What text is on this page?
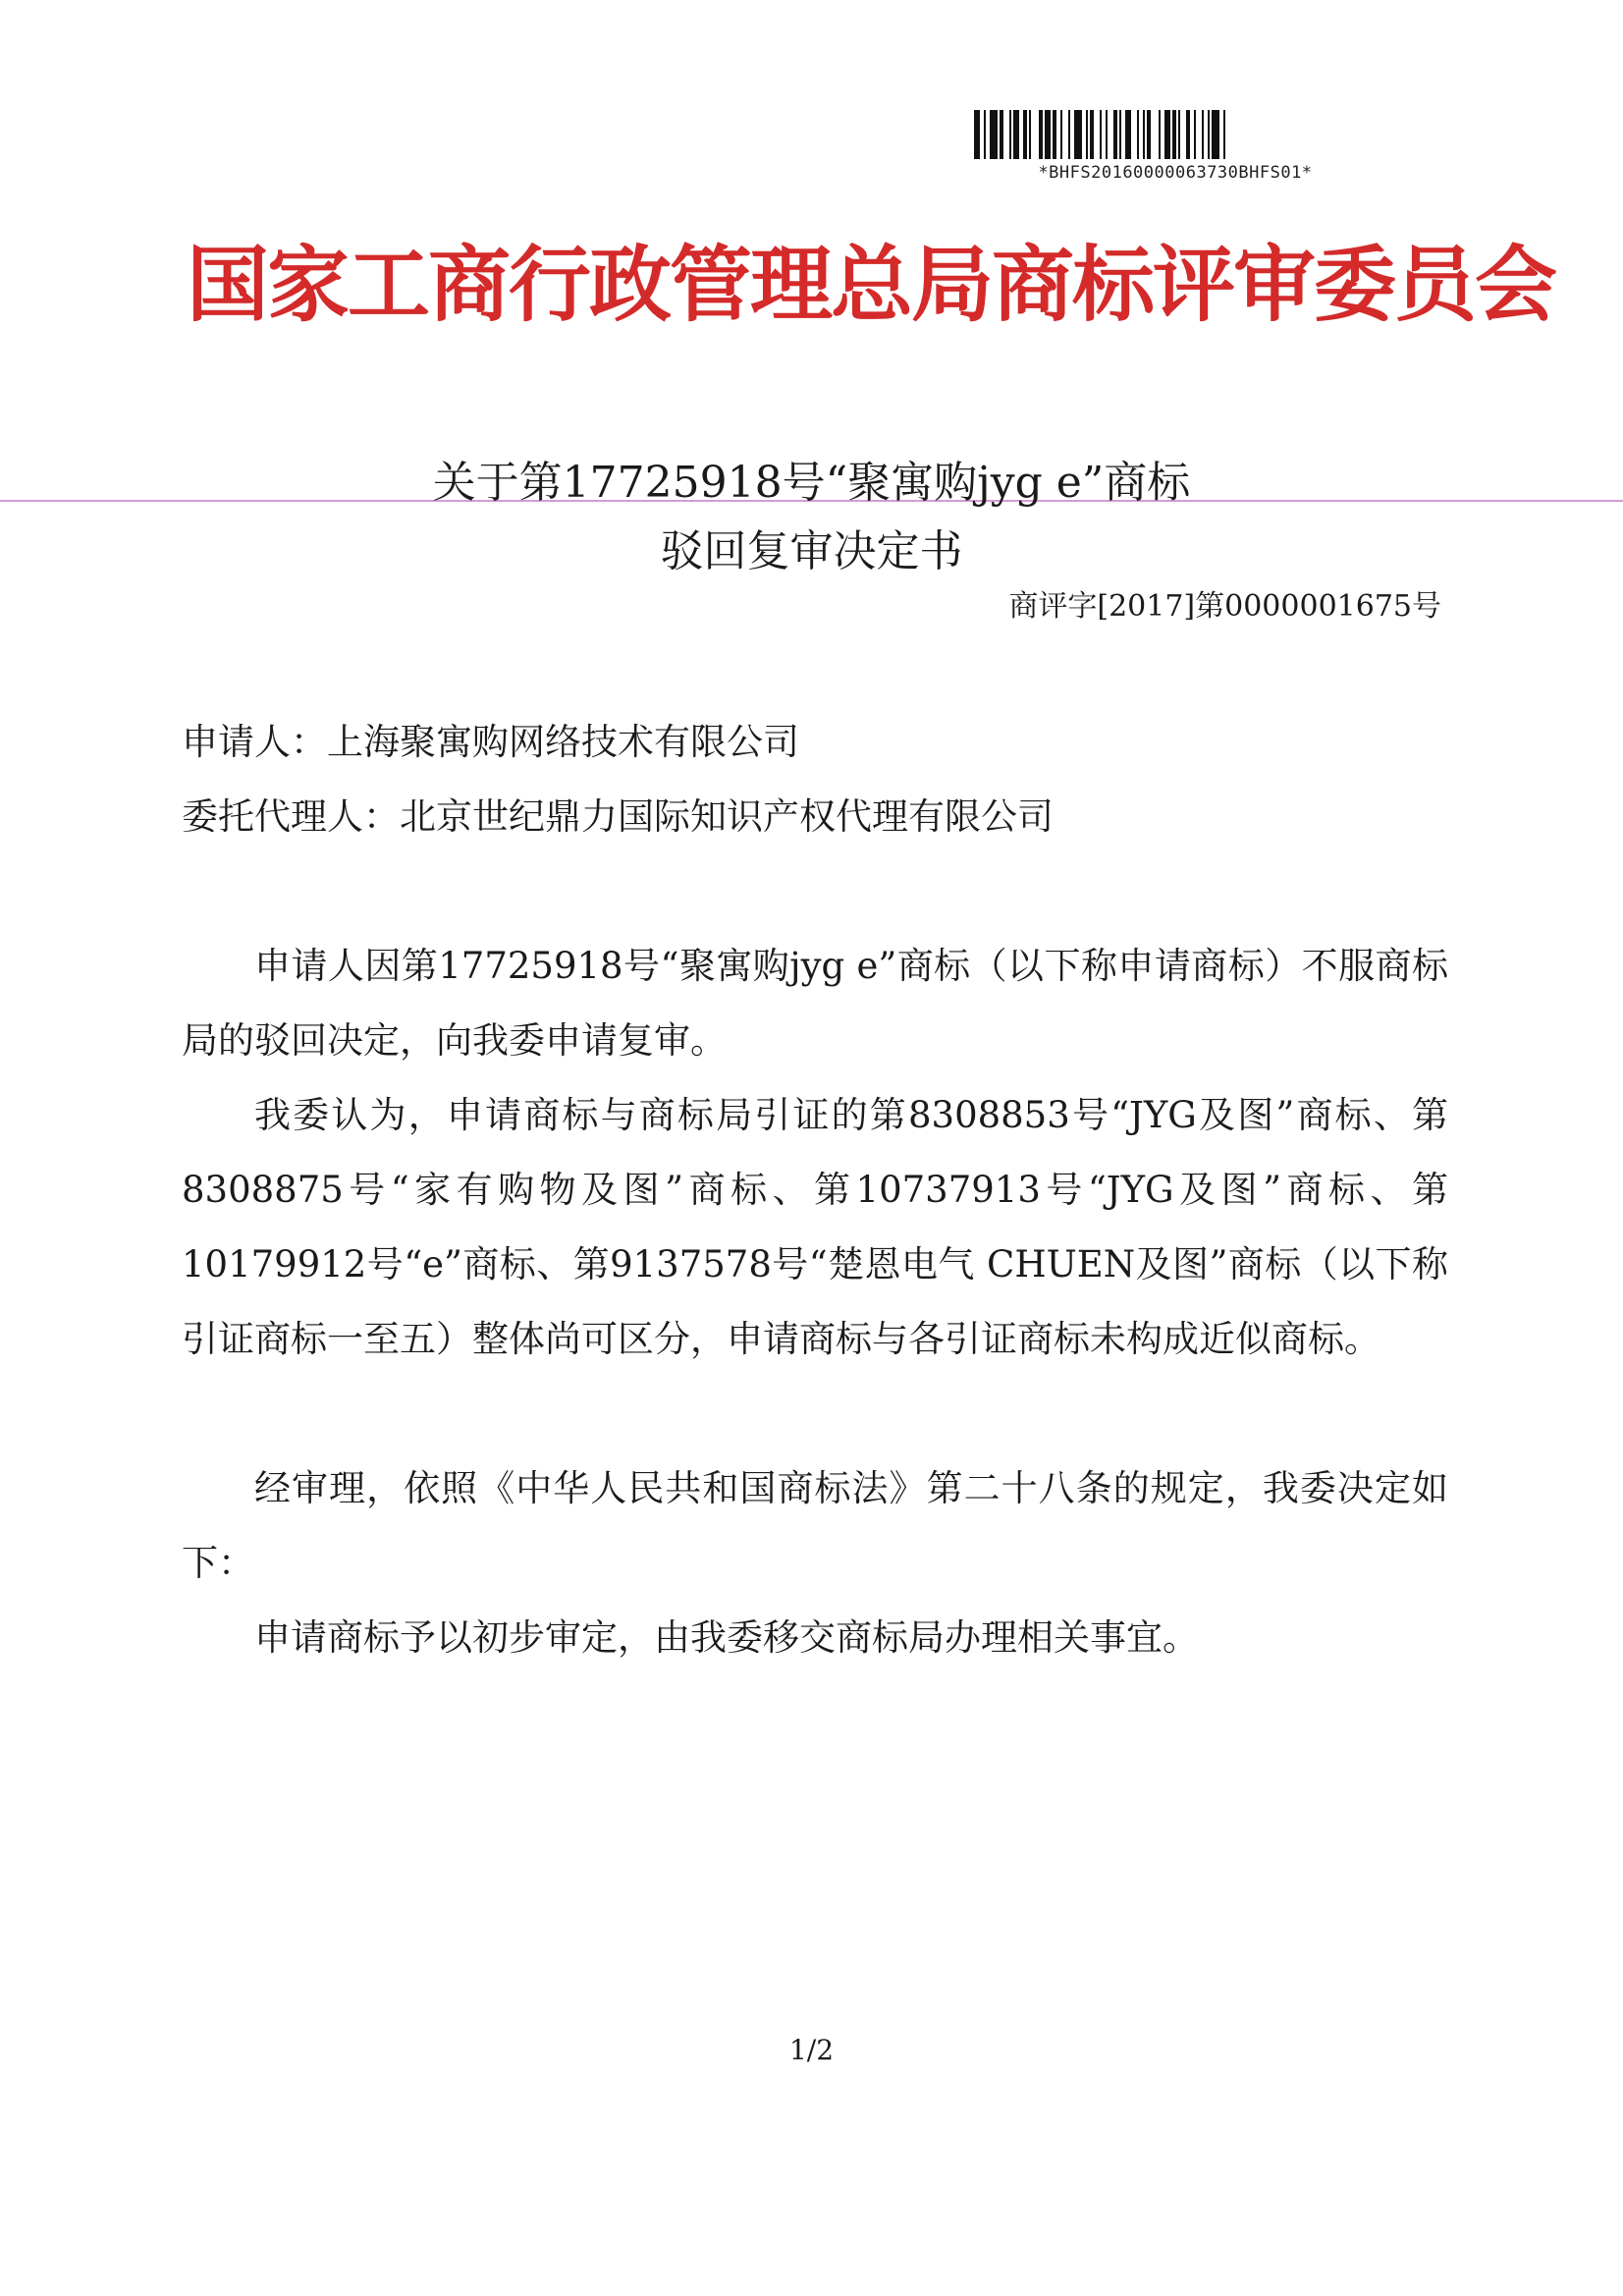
*BHFS20160000063730BHFS01*
国家工商行政管理总局商标评审委员会
关于第17725918号“聚寓购jyg e”商标
驳回复审决定书
商评字[2017]第0000001675号
申请人：上海聚寓购网络技术有限公司
委托代理人：北京世纪鼎力国际知识产权代理有限公司

申请人因第17725918号“聚寓购jyg e”商标（以下称申请商标）不服商标局的驳回决定，向我委申请复审。

我委认为，申请商标与商标局引证的第8308853号“JYG及图”商标、第8308875号“家有购物及图”商标、第10737913号“JYG及图”商标、第10179912号“e”商标、第9137578号“楚恩电气 CHUEN及图”商标（以下称引证商标一至五）整体尚可区分，申请商标与各引证商标未构成近似商标。

经审理，依照《中华人民共和国商标法》第二十八条的规定，我委决定如下：

申请商标予以初步审定，由我委移交商标局办理相关事宜。

1/2
